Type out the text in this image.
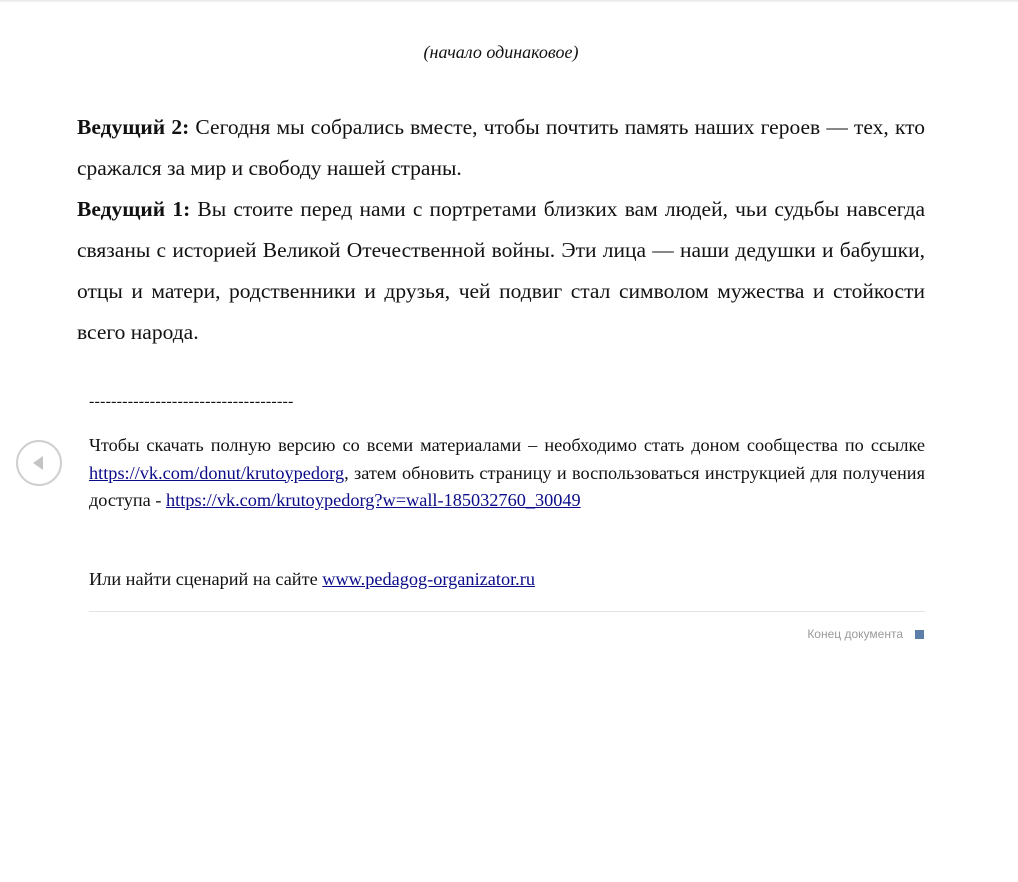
(начало одинаковое)

Ведущий 2: Сегодня мы собрались вместе, чтобы почтить память наших героев — тех, кто сражался за мир и свободу нашей страны.

Ведущий 1: Вы стоите перед нами с портретами близких вам людей, чьи судьбы навсегда связаны с историей Великой Отечественной войны. Эти лица — наши дедушки и бабушки, отцы и матери, родственники и друзья, чей подвиг стал символом мужества и стойкости всего народа.

-------------------------------------

Чтобы скачать полную версию со всеми материалами – необходимо стать доном сообщества по ссылке https://vk.com/donut/krutoypedorg, затем обновить страницу и воспользоваться инструкцией для получения доступа - https://vk.com/krutoypedorg?w=wall-185032760_30049

Или найти сценарий на сайте www.pedagog-organizator.ru
Конец документа
